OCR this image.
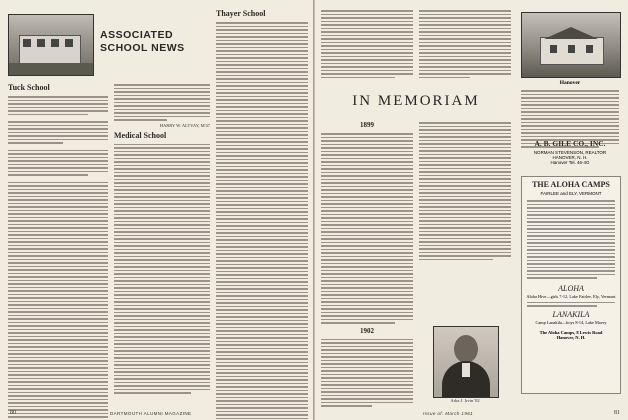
ASSOCIATED
SCHOOL NEWS
Tuck School
HARRY W. ALTVAY, M'47
Medical School
Thayer School
80	DARTMOUTH ALUMNI MAGAZINE
IN MEMORIAM
1899
1902
Arba J. Irvin '02
Hanover
A. B. GILE CO., INC.
NORMAN STEVENSON, REALTOR
HANOVER, N. H.
Hanover Tel. 46-4G
THE ALOHA CAMPS
FAIRLEE and ELY, VERMONT
ALOHA
Aloha Hive—girls 7-12, Lake Fairlee, Ely, Vermont
LANAKILA
Camp Lanakila—boys 8-14, Lake Morey
The Aloha Camps, 8 Lewis Road
Hanover, N. H.
Issue of: March 1961	81
